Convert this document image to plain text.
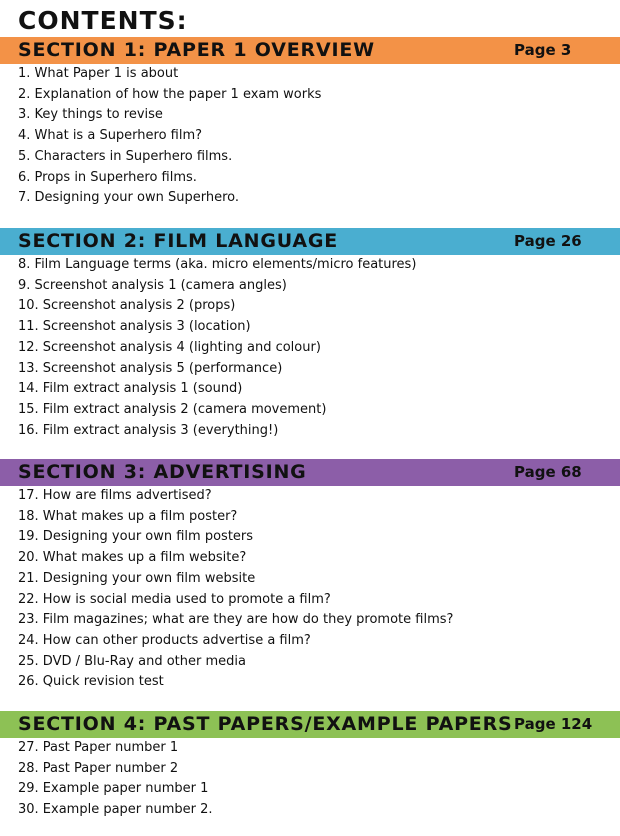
CONTENTS:
SECTION 1: PAPER 1 OVERVIEW	Page 3
1. What Paper 1 is about
2. Explanation of how the paper 1 exam works
3. Key things to revise
4. What is a Superhero film?
5. Characters in Superhero films.
6. Props in Superhero films.
7. Designing your own Superhero.
SECTION 2: FILM LANGUAGE	Page 26
8. Film Language terms (aka. micro elements/micro features)
9. Screenshot analysis 1 (camera angles)
10. Screenshot analysis 2 (props)
11. Screenshot analysis 3 (location)
12. Screenshot analysis 4 (lighting and colour)
13. Screenshot analysis 5 (performance)
14. Film extract analysis 1 (sound)
15. Film extract analysis 2 (camera movement)
16. Film extract analysis 3 (everything!)
SECTION 3: ADVERTISING	Page 68
17. How are films advertised?
18. What makes up a film poster?
19. Designing your own film posters
20. What makes up a film website?
21. Designing your own film website
22. How is social media used to promote a film?
23. Film magazines; what are they are how do they promote films?
24. How can other products advertise a film?
25. DVD / Blu-Ray and other media
26. Quick revision test
SECTION 4: PAST PAPERS/EXAMPLE PAPERS Page 124
27. Past Paper number 1
28. Past Paper number 2
29. Example paper number 1
30. Example paper number 2.
